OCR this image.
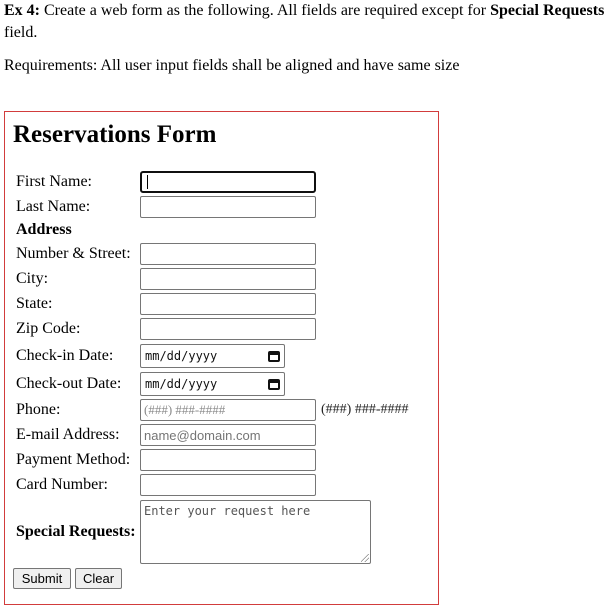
Ex 4: Create a web form as the following. All fields are required except for Special Requests field.
Requirements: All user input fields shall be aligned and have same size
Reservations Form
First Name:
Last Name:
Address
Number & Street:
City:
State:
Zip Code:
Check-in Date:	mm/dd/yyyy
Check-out Date:	mm/dd/yyyy
Phone:	(###) ###-####	(###) ###-####
E-mail Address:	name@domain.com
Payment Method:
Card Number:
Special Requests:
Enter your request here
Submit	Clear
